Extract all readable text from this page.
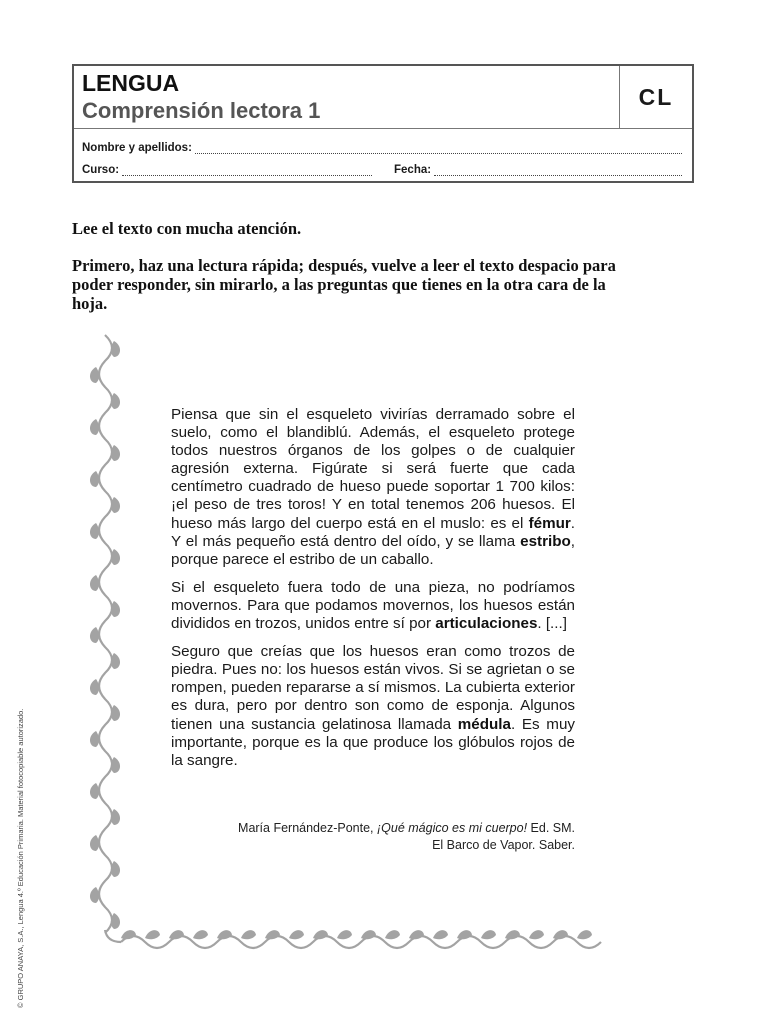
LENGUA
Comprensión lectora 1
CL
Nombre y apellidos:
Curso:	Fecha:
Lee el texto con mucha atención.
Primero, haz una lectura rápida; después, vuelve a leer el texto despacio para poder responder, sin mirarlo, a las preguntas que tienes en la otra cara de la hoja.

Piensa que sin el esqueleto vivirías derramado sobre el suelo, como el blandiblú. Además, el esqueleto protege todos nuestros órganos de los golpes o de cualquier agresión externa. Figúrate si será fuerte que cada centímetro cuadrado de hueso puede soportar 1 700 kilos: ¡el peso de tres toros! Y en total tenemos 206 huesos. El hueso más largo del cuerpo está en el muslo: es el fémur. Y el más pequeño está dentro del oído, y se llama estribo, porque parece el estribo de un caballo.

Si el esqueleto fuera todo de una pieza, no podríamos movernos. Para que podamos movernos, los huesos están divididos en trozos, unidos entre sí por articulaciones. [...]

Seguro que creías que los huesos eran como trozos de piedra. Pues no: los huesos están vivos. Si se agrietan o se rompen, pueden repararse a sí mismos. La cubierta exterior es dura, pero por dentro son como de esponja. Algunos tienen una sustancia gelatinosa llamada médula. Es muy importante, porque es la que produce los glóbulos rojos de la sangre.

María Fernández-Ponte, ¡Qué mágico es mi cuerpo! Ed. SM.
El Barco de Vapor. Saber.
© GRUPO ANAYA, S.A., Lengua 4.º Educación Primaria. Material fotocopiable autorizado.
